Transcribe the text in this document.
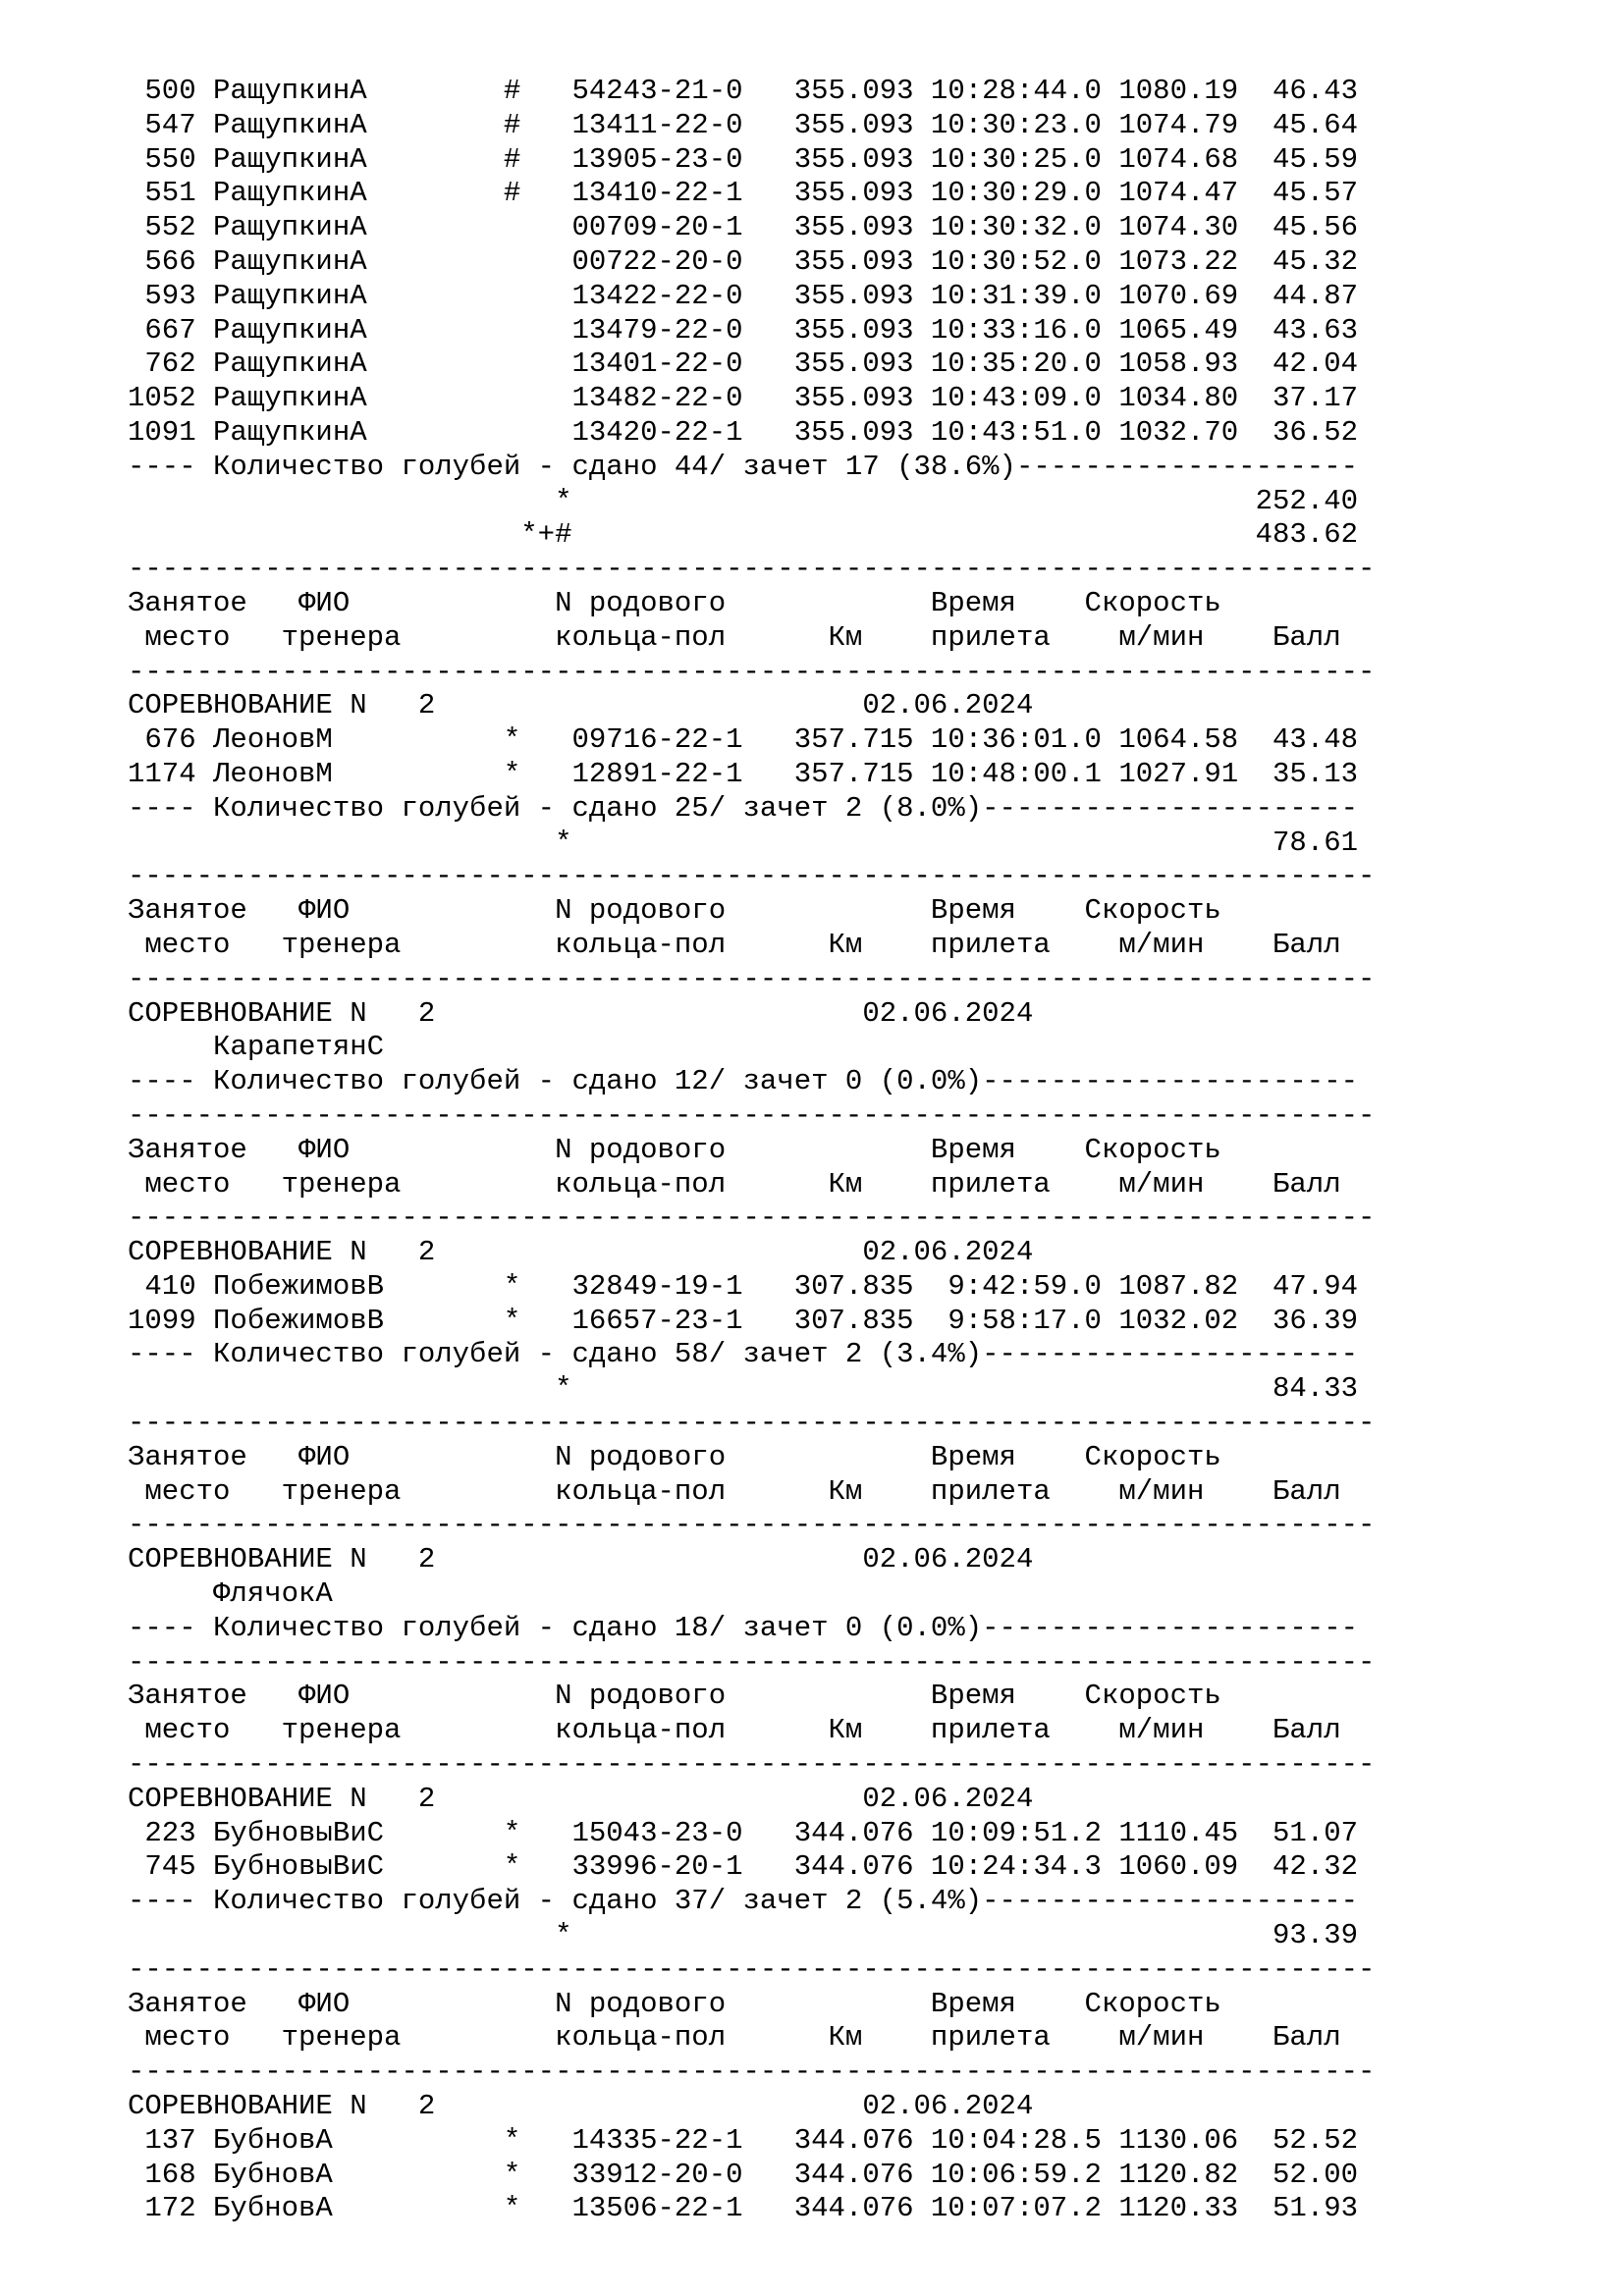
500 РащупкинА        #   54243-21-0   355.093 10:28:44.0 1080.19  46.43
547 РащупкинА        #   13411-22-0   355.093 10:30:23.0 1074.79  45.64
550 РащупкинА        #   13905-23-0   355.093 10:30:25.0 1074.68  45.59
551 РащупкинА        #   13410-22-1   355.093 10:30:29.0 1074.47  45.57
552 РащупкинА            00709-20-1   355.093 10:30:32.0 1074.30  45.56
566 РащупкинА            00722-20-0   355.093 10:30:52.0 1073.22  45.32
593 РащупкинА            13422-22-0   355.093 10:31:39.0 1070.69  44.87
667 РащупкинА            13479-22-0   355.093 10:33:16.0 1065.49  43.63
762 РащупкинА            13401-22-0   355.093 10:35:20.0 1058.93  42.04
1052 РащупкинА            13482-22-0   355.093 10:43:09.0 1034.80  37.17
1091 РащупкинА            13420-22-1   355.093 10:43:51.0 1032.70  36.52
---- Количество голубей - сдано 44/ зачет 17 (38.6%)--------------------
*                                        252.40
*+#                                        483.62
-------------------------------------------------------------------------
Занятое   ФИО            N родового            Время    Скорость
место   тренера         кольца-пол      Км    прилета    м/мин    Балл
-------------------------------------------------------------------------
СОРЕВНОВАНИЕ N   2                         02.06.2024
676 ЛеоновМ          *   09716-22-1   357.715 10:36:01.0 1064.58  43.48
1174 ЛеоновМ          *   12891-22-1   357.715 10:48:00.1 1027.91  35.13
---- Количество голубей - сдано 25/ зачет 2 (8.0%)----------------------
*                                         78.61
-------------------------------------------------------------------------
Занятое   ФИО            N родового            Время    Скорость
место   тренера         кольца-пол      Км    прилета    м/мин    Балл
-------------------------------------------------------------------------
СОРЕВНОВАНИЕ N   2                         02.06.2024
КарапетянС
---- Количество голубей - сдано 12/ зачет 0 (0.0%)----------------------
-------------------------------------------------------------------------
Занятое   ФИО            N родового            Время    Скорость
место   тренера         кольца-пол      Км    прилета    м/мин    Балл
-------------------------------------------------------------------------
СОРЕВНОВАНИЕ N   2                         02.06.2024
410 ПобежимовВ       *   32849-19-1   307.835  9:42:59.0 1087.82  47.94
1099 ПобежимовВ       *   16657-23-1   307.835  9:58:17.0 1032.02  36.39
---- Количество голубей - сдано 58/ зачет 2 (3.4%)----------------------
*                                         84.33
-------------------------------------------------------------------------
Занятое   ФИО            N родового            Время    Скорость
место   тренера         кольца-пол      Км    прилета    м/мин    Балл
-------------------------------------------------------------------------
СОРЕВНОВАНИЕ N   2                         02.06.2024
ФлячокА
---- Количество голубей - сдано 18/ зачет 0 (0.0%)----------------------
-------------------------------------------------------------------------
Занятое   ФИО            N родового            Время    Скорость
место   тренера         кольца-пол      Км    прилета    м/мин    Балл
-------------------------------------------------------------------------
СОРЕВНОВАНИЕ N   2                         02.06.2024
223 БубновыВиС       *   15043-23-0   344.076 10:09:51.2 1110.45  51.07
745 БубновыВиС       *   33996-20-1   344.076 10:24:34.3 1060.09  42.32
---- Количество голубей - сдано 37/ зачет 2 (5.4%)----------------------
*                                         93.39
-------------------------------------------------------------------------
Занятое   ФИО            N родового            Время    Скорость
место   тренера         кольца-пол      Км    прилета    м/мин    Балл
-------------------------------------------------------------------------
СОРЕВНОВАНИЕ N   2                         02.06.2024
137 БубновА          *   14335-22-1   344.076 10:04:28.5 1130.06  52.52
168 БубновА          *   33912-20-0   344.076 10:06:59.2 1120.82  52.00
172 БубновА          *   13506-22-1   344.076 10:07:07.2 1120.33  51.93
